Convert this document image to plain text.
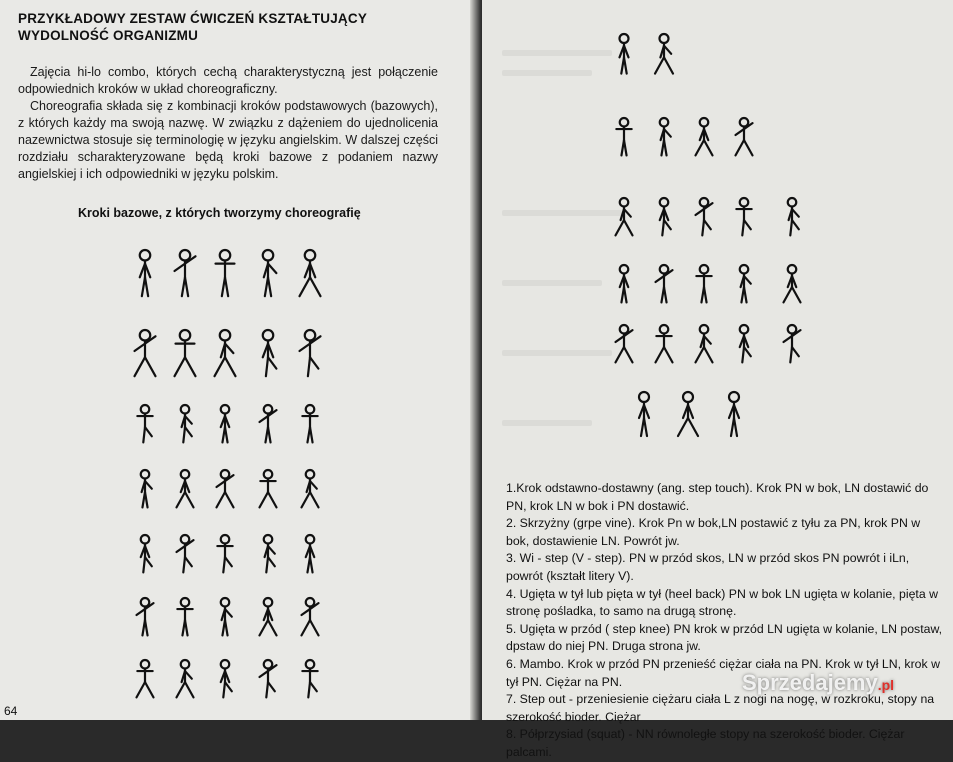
PRZYKŁADOWY ZESTAW ĆWICZEŃ KSZTAŁTUJĄCY WYDOLNOŚĆ ORGANIZMU
Zajęcia hi-lo combo, których cechą charakterystyczną jest połączenie odpowiednich kroków w układ choreograficzny.
Choreografia składa się z kombinacji kroków podstawowych (bazowych), z których każdy ma swoją nazwę. W związku z dążeniem do ujednolicenia nazewnictwa stosuje się terminologię w języku angielskim. W dalszej części rozdziału scharakteryzowane będą kroki bazowe z podaniem nazwy angielskiej i ich odpowiedniki w języku polskim.
Kroki bazowe, z których tworzymy choreografię
64

1.Krok odstawno-dostawny (ang. step touch). Krok PN w bok, LN dostawić do PN, krok LN w bok i PN dostawić.

2. Skrzyżny (grpe vine). Krok Pn w bok,LN postawić z tyłu za PN, krok PN w bok, dostawienie LN. Powrót jw.

3. Wi - step (V - step). PN w przód skos, LN w przód skos PN powrót i iLn, powrót (kształt litery V).

4. Ugięta w tył lub pięta w tył (heel back) PN w bok LN ugięta w kolanie, pięta w stronę pośladka, to samo na drugą stronę.

5. Ugięta w przód ( step knee) PN krok w przód LN ugięta w kolanie, LN postaw, dpstaw do niej PN. Druga strona jw.

6. Mambo. Krok w przód PN przenieść ciężar ciała na PN. Krok w tył LN, krok w tył PN. Ciężar na PN.

7. Step out - przeniesienie ciężaru ciała L z nogi na nogę, w rozkroku, stopy na szerokość bioder. Ciężar

8. Półprzysiad (squat) - NN równoległe stopy na szerokość bioder. Ciężar palcami.

Sprzedajemy.pl
